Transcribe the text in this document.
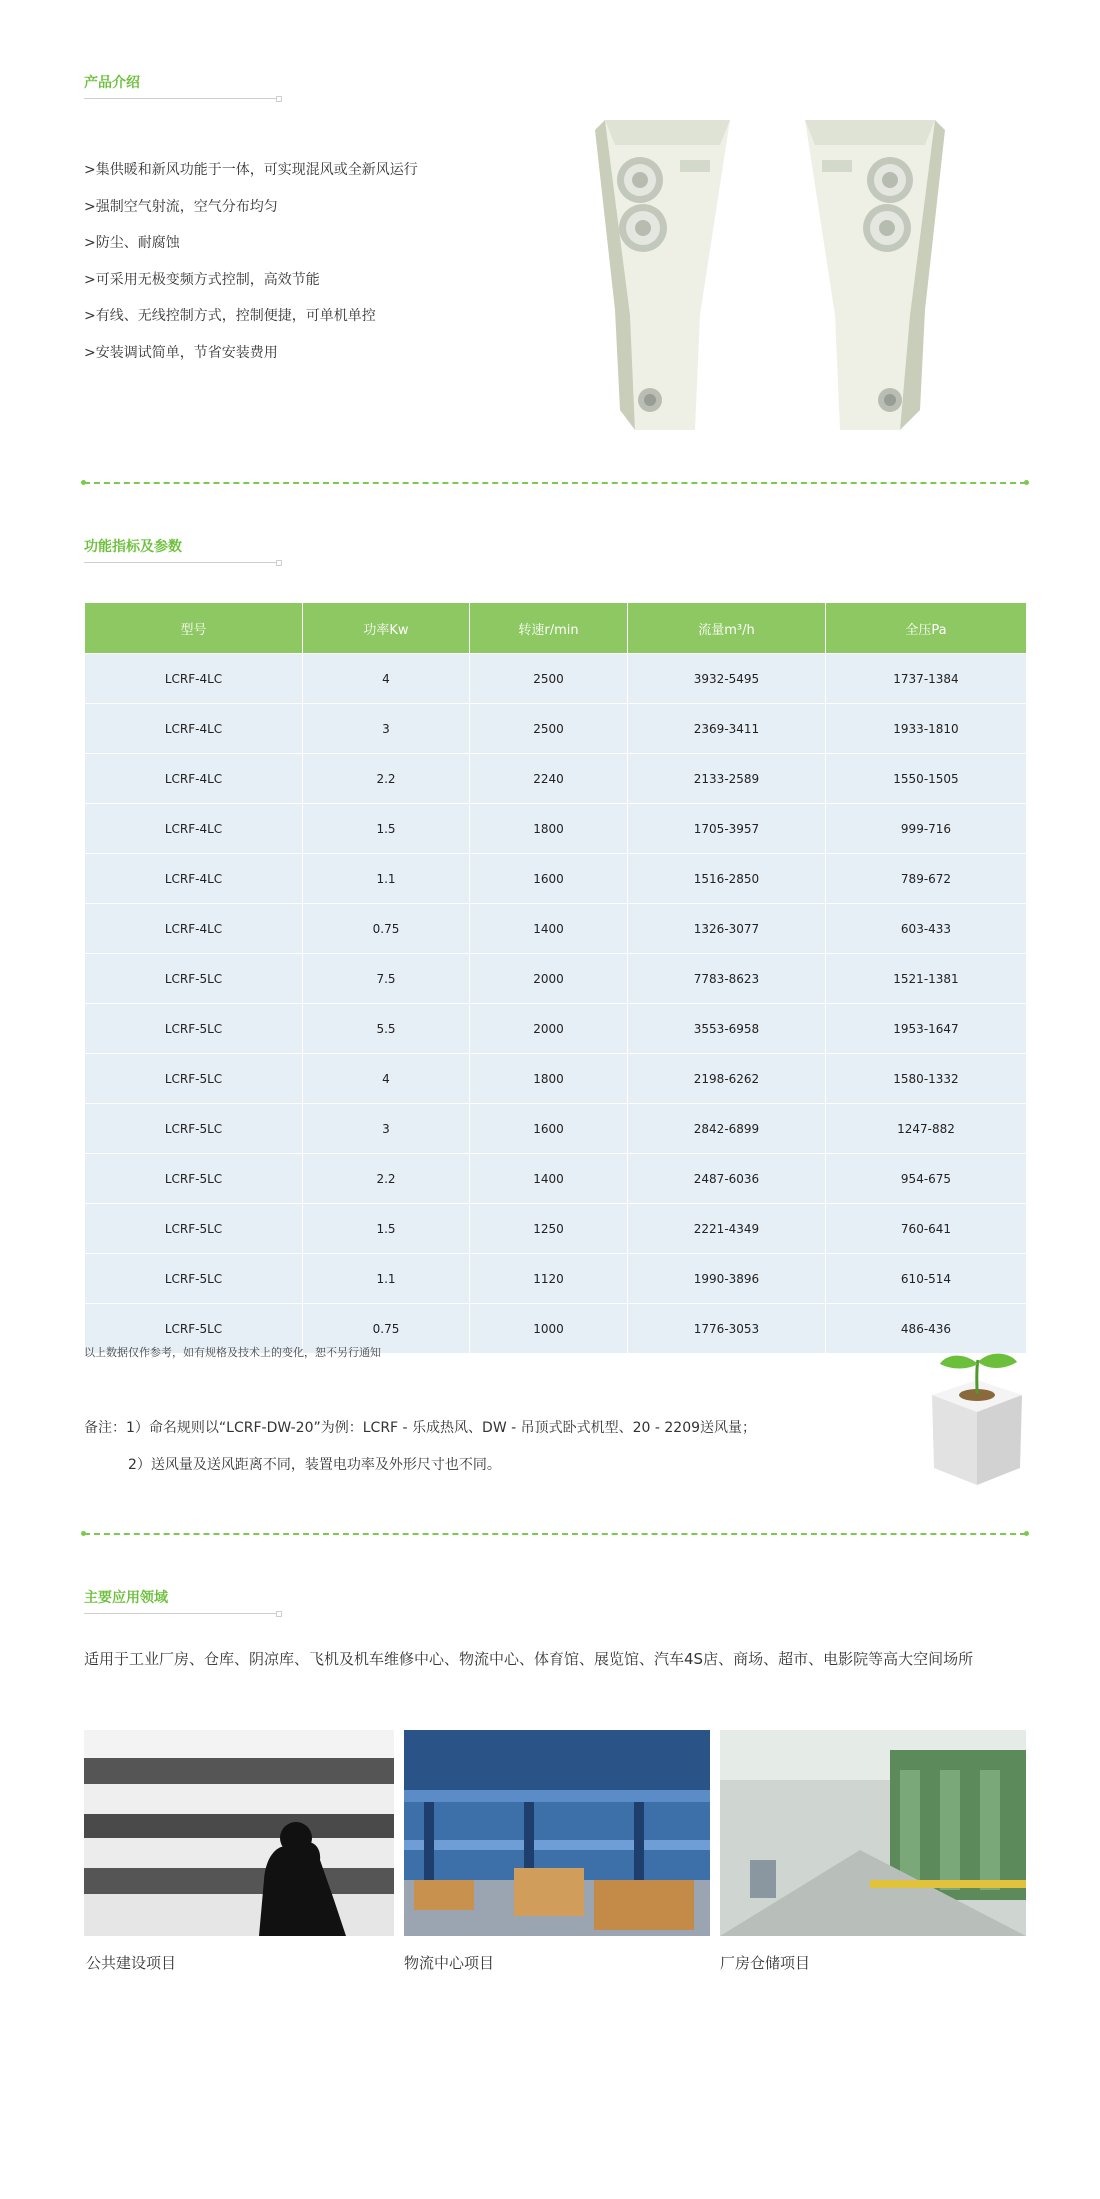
产品介绍
>集供暖和新风功能于一体，可实现混风或全新风运行
>强制空气射流，空气分布均匀
>防尘、耐腐蚀
>可采用无极变频方式控制，高效节能
>有线、无线控制方式，控制便捷，可单机单控
>安装调试简单，节省安装费用
功能指标及参数
型号	功率Kw	转速r/min	流量m³/h	全压Pa
LCRF-4LC	4	2500	3932-5495	1737-1384
LCRF-4LC	3	2500	2369-3411	1933-1810
LCRF-4LC	2.2	2240	2133-2589	1550-1505
LCRF-4LC	1.5	1800	1705-3957	999-716
LCRF-4LC	1.1	1600	1516-2850	789-672
LCRF-4LC	0.75	1400	1326-3077	603-433
LCRF-5LC	7.5	2000	7783-8623	1521-1381
LCRF-5LC	5.5	2000	3553-6958	1953-1647
LCRF-5LC	4	1800	2198-6262	1580-1332
LCRF-5LC	3	1600	2842-6899	1247-882
LCRF-5LC	2.2	1400	2487-6036	954-675
LCRF-5LC	1.5	1250	2221-4349	760-641
LCRF-5LC	1.1	1120	1990-3896	610-514
LCRF-5LC	0.75	1000	1776-3053	486-436
以上数据仅作参考，如有规格及技术上的变化，恕不另行通知
备注：1）命名规则以“LCRF-DW-20”为例：LCRF - 乐成热风、DW - 吊顶式卧式机型、20 - 2209送风量；
2）送风量及送风距离不同，装置电功率及外形尺寸也不同。
主要应用领域
适用于工业厂房、仓库、阴凉库、飞机及机车维修中心、物流中心、体育馆、展览馆、汽车4S店、商场、超市、电影院等高大空间场所
公共建设项目	物流中心项目	厂房仓储项目
